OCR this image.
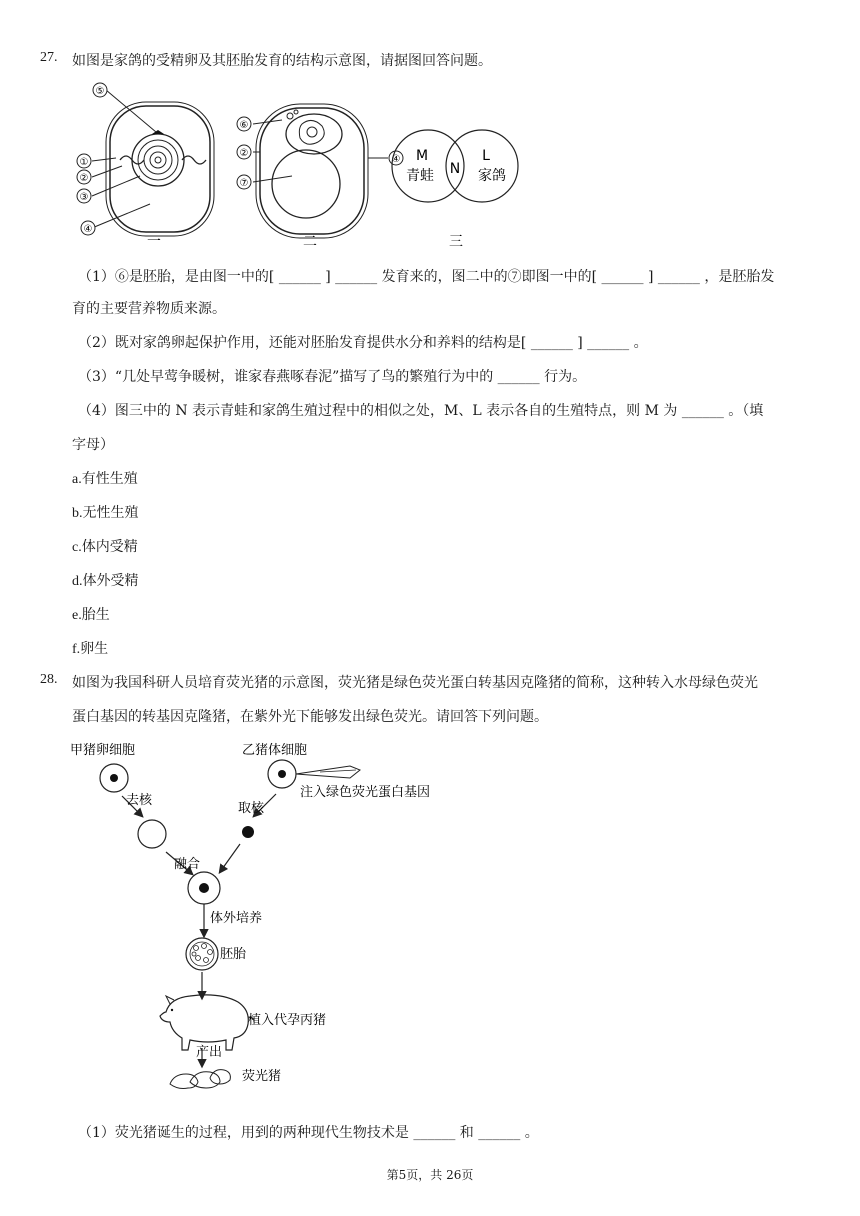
27. 如图是家鸽的受精卵及其胚胎发育的结构示意图，请据图回答问题。
⑤
①
②
③
④
一
⑥
②
⑦
④
二
M	L
N
青蛙	家鸽
三
（1）⑥是胚胎，是由图一中的[ ______ ] ______ 发育来的，图二中的⑦即图一中的[ ______ ] ______ ，是胚胎发
育的主要营养物质来源。
（2）既对家鸽卵起保护作用，还能对胚胎发育提供水分和养料的结构是[ ______ ] ______ 。
（3）“几处早莺争暖树，谁家春燕啄春泥”描写了鸟的繁殖行为中的 ______ 行为。
（4）图三中的 N 表示青蛙和家鸽生殖过程中的相似之处，M、L 表示各自的生殖特点，则 M 为 ______ 。（填
字母）
a.有性生殖
b.无性生殖
c.体内受精
d.体外受精
e.胎生
f.卵生
28. 如图为我国科研人员培育荧光猪的示意图，荧光猪是绿色荧光蛋白转基因克隆猪的简称，这种转入水母绿色荧光
蛋白基因的转基因克隆猪，在紫外光下能够发出绿色荧光。请回答下列问题。
甲猪卵细胞	乙猪体细胞
注入绿色荧光蛋白基因
去核
取核
融合
体外培养
胚胎
植入代孕丙猪
产出
荧光猪
（1）荧光猪诞生的过程，用到的两种现代生物技术是 ______ 和 ______ 。
第5页，共 26页
